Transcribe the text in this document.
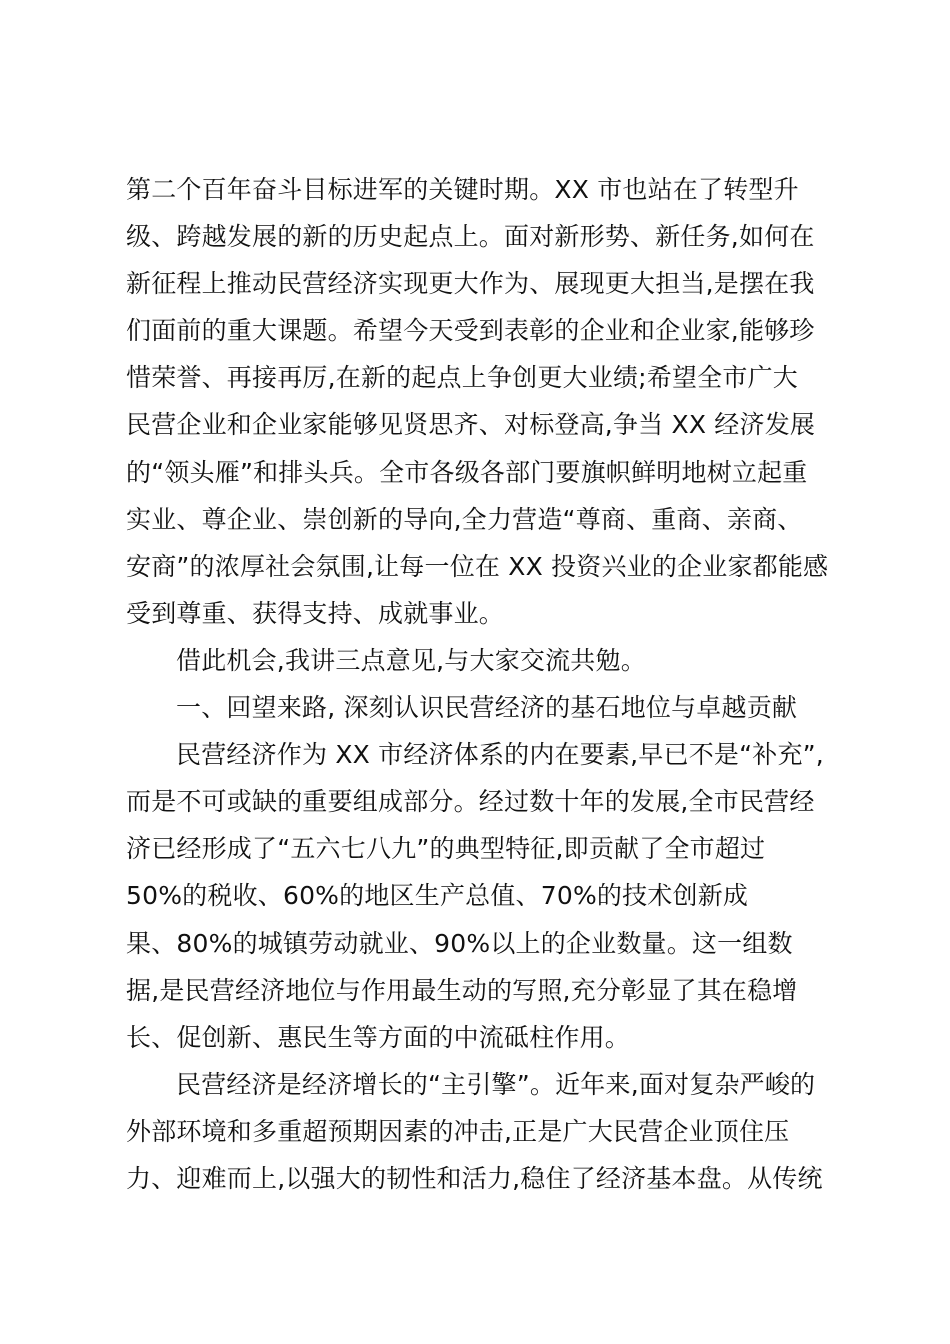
第二个百年奋斗目标进军的关键时期。XX 市也站在了转型升
级、跨越发展的新的历史起点上。面对新形势、新任务,如何在
新征程上推动民营经济实现更大作为、展现更大担当,是摆在我
们面前的重大课题。希望今天受到表彰的企业和企业家,能够珍
惜荣誉、再接再厉,在新的起点上争创更大业绩;希望全市广大
民营企业和企业家能够见贤思齐、对标登高,争当 XX 经济发展
的“领头雁”和排头兵。全市各级各部门要旗帜鲜明地树立起重
实业、尊企业、崇创新的导向,全力营造“尊商、重商、亲商、
安商”的浓厚社会氛围,让每一位在 XX 投资兴业的企业家都能感
受到尊重、获得支持、成就事业。
借此机会,我讲三点意见,与大家交流共勉。
一、回望来路, 深刻认识民营经济的基石地位与卓越贡献
民营经济作为 XX 市经济体系的内在要素,早已不是“补充”,
而是不可或缺的重要组成部分。经过数十年的发展,全市民营经
济已经形成了“五六七八九”的典型特征,即贡献了全市超过
50%的税收、60%的地区生产总值、70%的技术创新成
果、80%的城镇劳动就业、90%以上的企业数量。这一组数
据,是民营经济地位与作用最生动的写照,充分彰显了其在稳增
长、促创新、惠民生等方面的中流砥柱作用。
民营经济是经济增长的“主引擎”。近年来,面对复杂严峻的
外部环境和多重超预期因素的冲击,正是广大民营企业顶住压
力、迎难而上,以强大的韧性和活力,稳住了经济基本盘。从传统
